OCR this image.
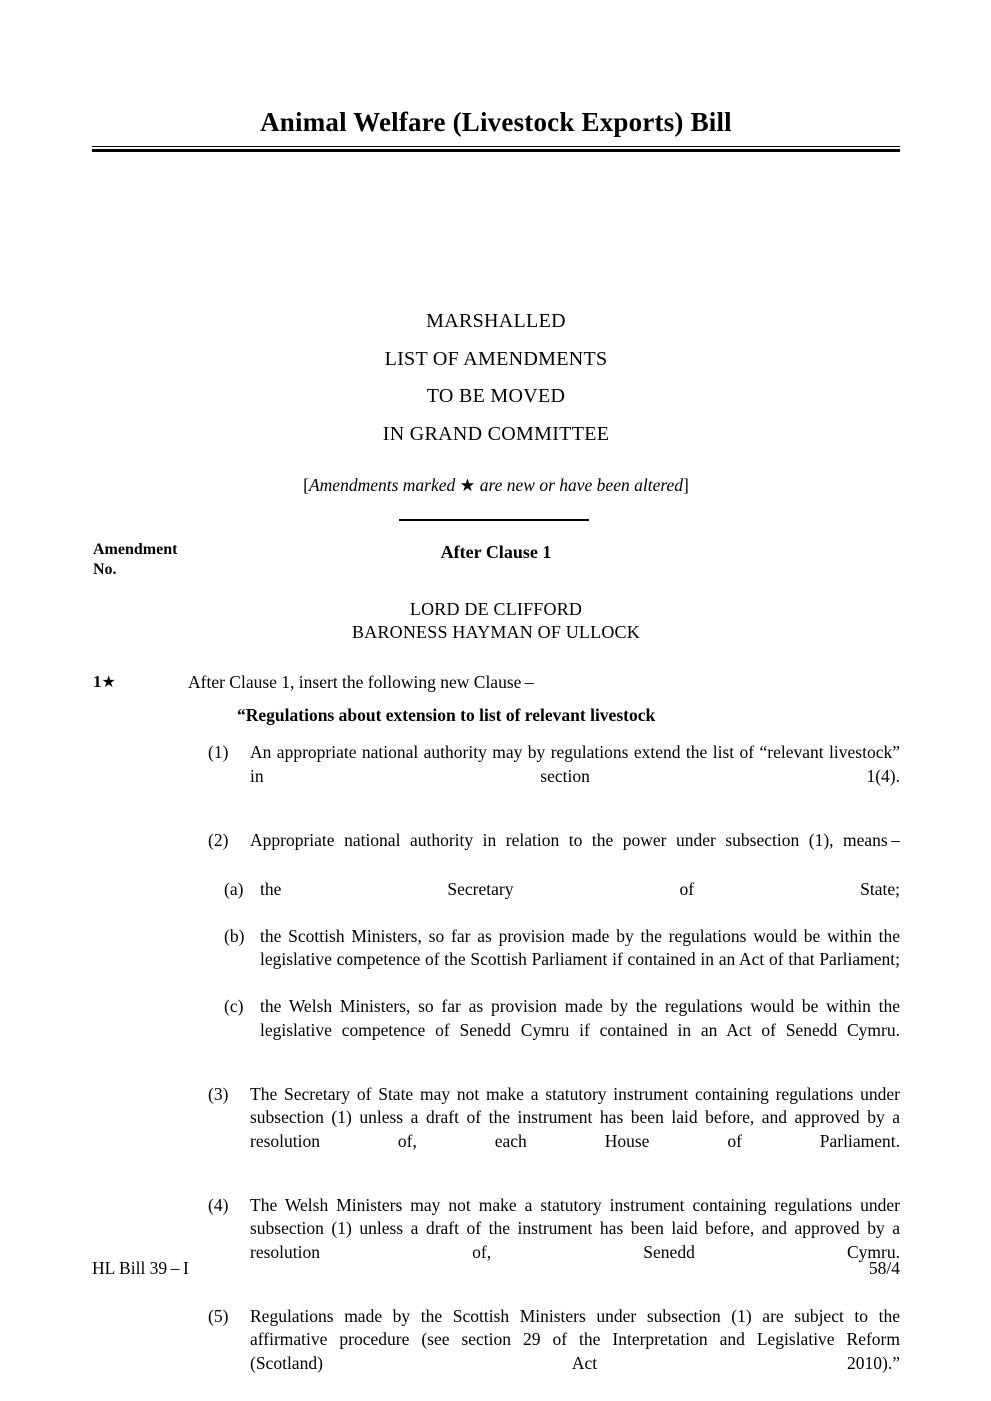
Animal Welfare (Livestock Exports) Bill
MARSHALLED
LIST OF AMENDMENTS
TO BE MOVED
IN GRAND COMMITTEE
[Amendments marked ★ are new or have been altered]
Amendment
No.
After Clause 1
LORD DE CLIFFORD
BARONESS HAYMAN OF ULLOCK
1★	After Clause 1, insert the following new Clause –
“Regulations about extension to list of relevant livestock
(1)	An appropriate national authority may by regulations extend the list of “relevant livestock” in section 1(4).
(2)	Appropriate national authority in relation to the power under subsection (1), means –
(a) the Secretary of State;
(b) the Scottish Ministers, so far as provision made by the regulations would be within the legislative competence of the Scottish Parliament if contained in an Act of that Parliament;
(c) the Welsh Ministers, so far as provision made by the regulations would be within the legislative competence of Senedd Cymru if contained in an Act of Senedd Cymru.
(3)	The Secretary of State may not make a statutory instrument containing regulations under subsection (1) unless a draft of the instrument has been laid before, and approved by a resolution of, each House of Parliament.
(4)	The Welsh Ministers may not make a statutory instrument containing regulations under subsection (1) unless a draft of the instrument has been laid before, and approved by a resolution of, Senedd Cymru.
(5)	Regulations made by the Scottish Ministers under subsection (1) are subject to the affirmative procedure (see section 29 of the Interpretation and Legislative Reform (Scotland) Act 2010).”
HL Bill 39 – I	58/4
